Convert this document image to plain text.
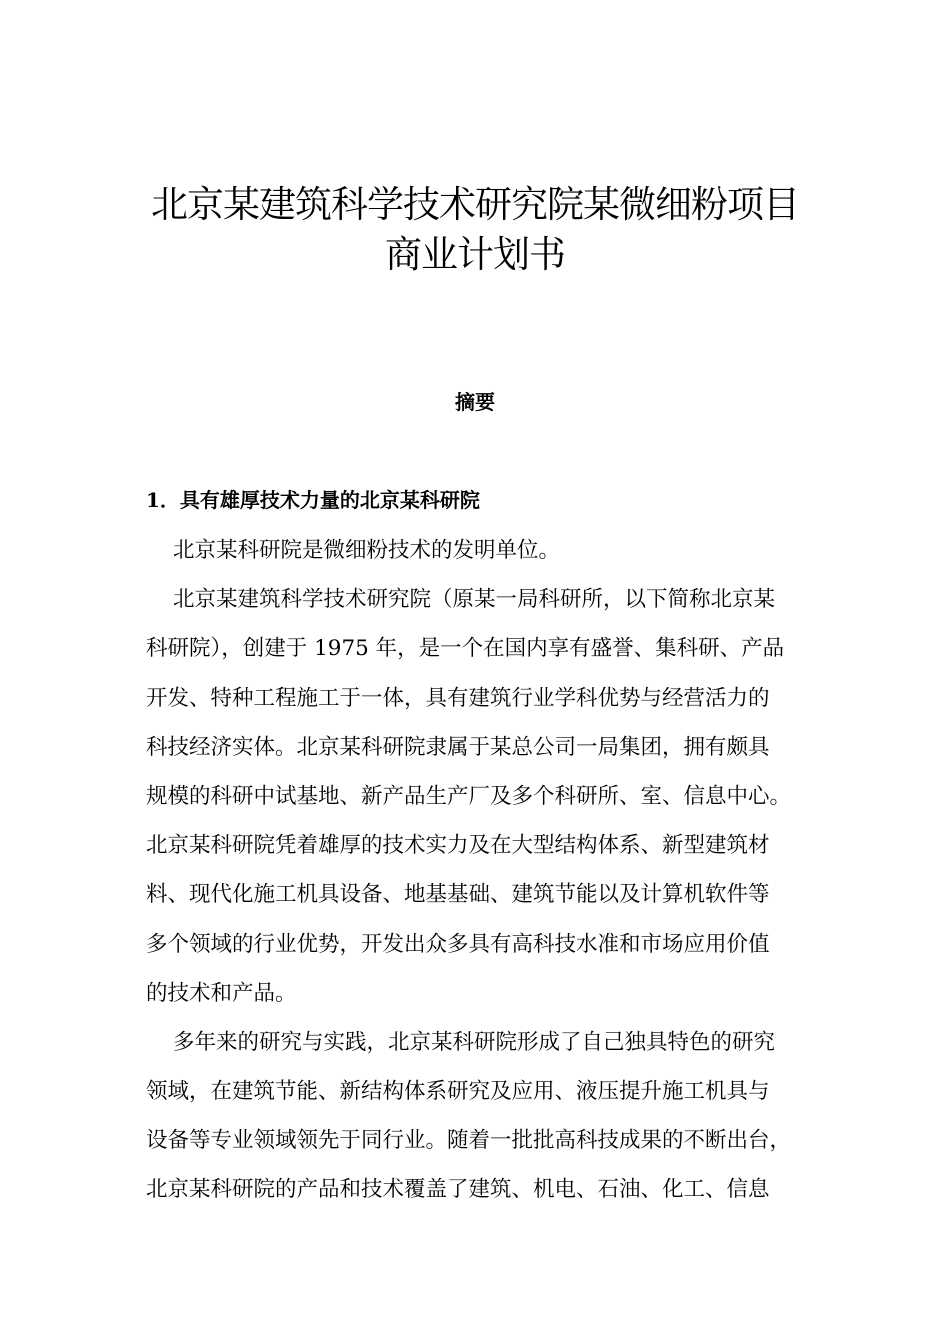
北京某建筑科学技术研究院某微细粉项目
商业计划书
摘要
1．具有雄厚技术力量的北京某科研院
北京某科研院是微细粉技术的发明单位。
北京某建筑科学技术研究院（原某一局科研所，以下简称北京某
科研院），创建于 1975 年，是一个在国内享有盛誉、集科研、产品
开发、特种工程施工于一体，具有建筑行业学科优势与经营活力的
科技经济实体。北京某科研院隶属于某总公司一局集团，拥有颇具
规模的科研中试基地、新产品生产厂及多个科研所、室、信息中心。
北京某科研院凭着雄厚的技术实力及在大型结构体系、新型建筑材
料、现代化施工机具设备、地基基础、建筑节能以及计算机软件等
多个领域的行业优势，开发出众多具有高科技水准和市场应用价值
的技术和产品。
多年来的研究与实践，北京某科研院形成了自己独具特色的研究
领域，在建筑节能、新结构体系研究及应用、液压提升施工机具与
设备等专业领域领先于同行业。随着一批批高科技成果的不断出台，
北京某科研院的产品和技术覆盖了建筑、机电、石油、化工、信息
